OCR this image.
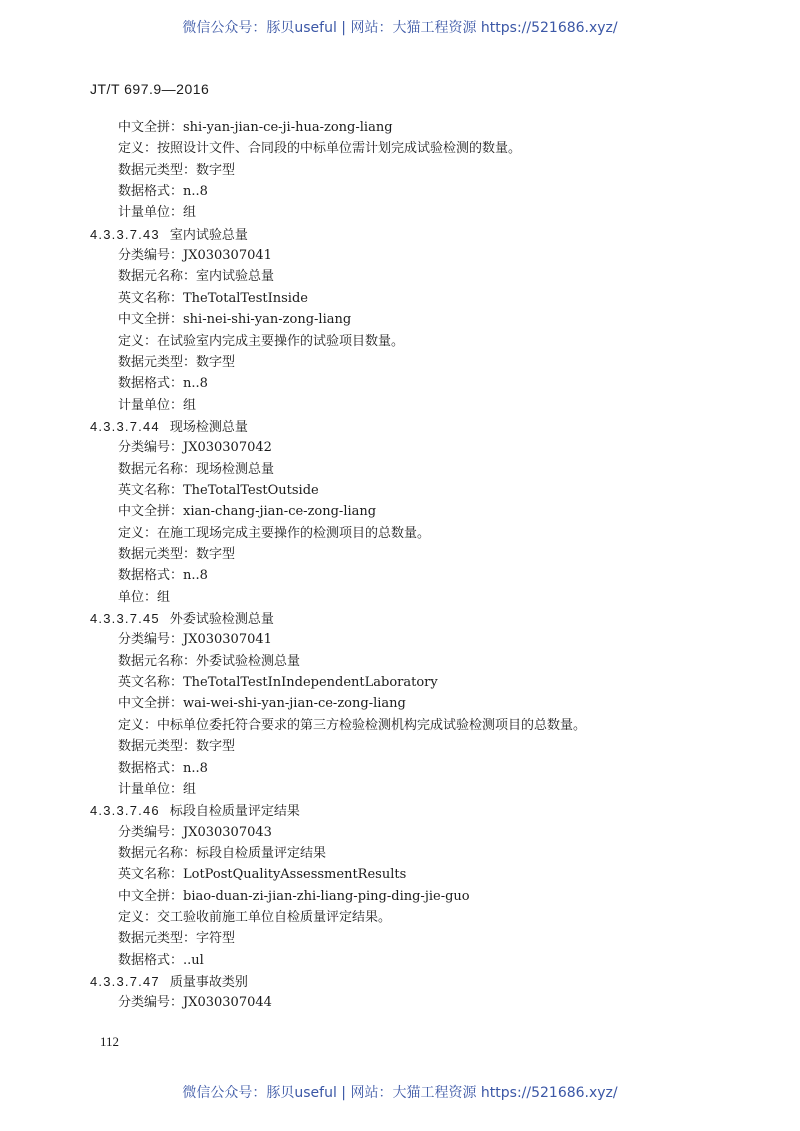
微信公众号：豚贝useful | 网站：大猫工程资源 https://521686.xyz/
JT/T 697.9—2016
中文全拼：shi-yan-jian-ce-ji-hua-zong-liang
定义：按照设计文件、合同段的中标单位需计划完成试验检测的数量。
数据元类型：数字型
数据格式：n..8
计量单位：组
4.3.3.7.43 室内试验总量
分类编号：JX030307041
数据元名称：室内试验总量
英文名称：TheTotalTestInside
中文全拼：shi-nei-shi-yan-zong-liang
定义：在试验室内完成主要操作的试验项目数量。
数据元类型：数字型
数据格式：n..8
计量单位：组
4.3.3.7.44 现场检测总量
分类编号：JX030307042
数据元名称：现场检测总量
英文名称：TheTotalTestOutside
中文全拼：xian-chang-jian-ce-zong-liang
定义：在施工现场完成主要操作的检测项目的总数量。
数据元类型：数字型
数据格式：n..8
单位：组
4.3.3.7.45 外委试验检测总量
分类编号：JX030307041
数据元名称：外委试验检测总量
英文名称：TheTotalTestInIndependentLaboratory
中文全拼：wai-wei-shi-yan-jian-ce-zong-liang
定义：中标单位委托符合要求的第三方检验检测机构完成试验检测项目的总数量。
数据元类型：数字型
数据格式：n..8
计量单位：组
4.3.3.7.46 标段自检质量评定结果
分类编号：JX030307043
数据元名称：标段自检质量评定结果
英文名称：LotPostQualityAssessmentResults
中文全拼：biao-duan-zi-jian-zhi-liang-ping-ding-jie-guo
定义：交工验收前施工单位自检质量评定结果。
数据元类型：字符型
数据格式：..ul
4.3.3.7.47 质量事故类别
分类编号：JX030307044
112
微信公众号：豚贝useful | 网站：大猫工程资源 https://521686.xyz/
